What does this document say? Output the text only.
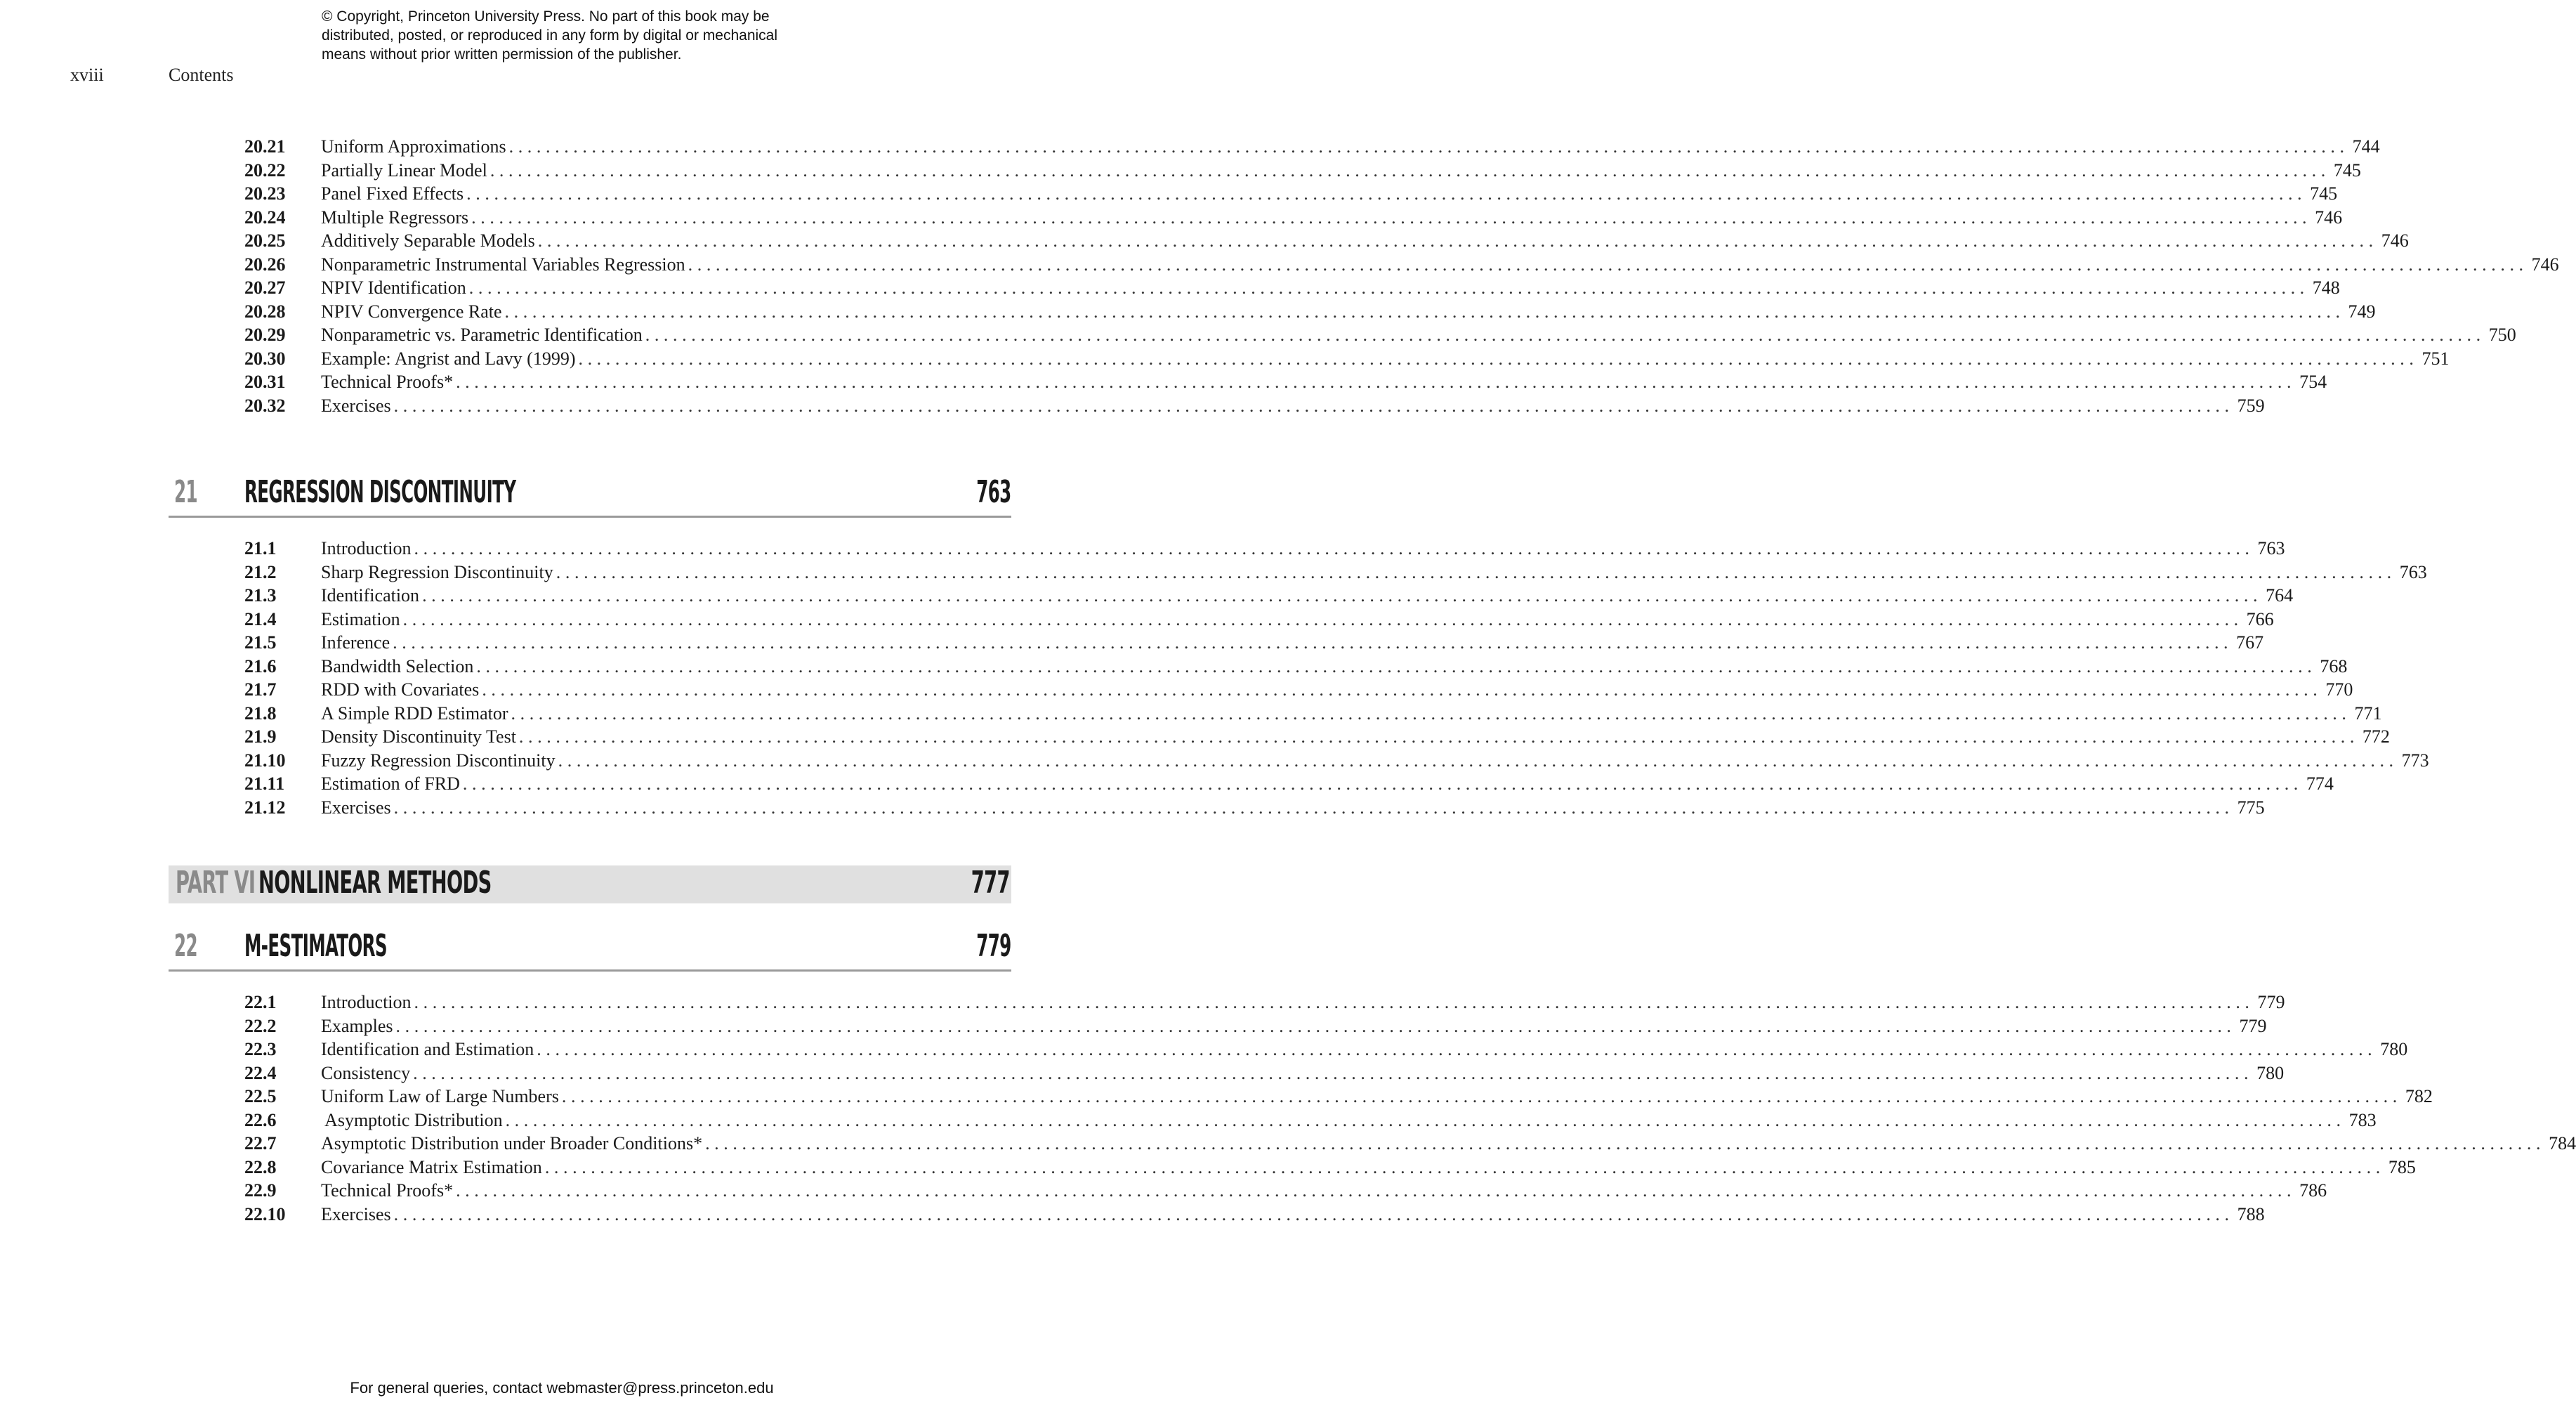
© Copyright, Princeton University Press. No part of this book may be
distributed, posted, or reproduced in any form by digital or mechanical
means without prior written permission of the publisher.
xviii	Contents
20.21	Uniform Approximations ........................................................................................................................................................................................................ 744
20.22	Partially Linear Model ........................................................................................................................................................................................................ 745
20.23	Panel Fixed Effects ........................................................................................................................................................................................................ 745
20.24	Multiple Regressors ........................................................................................................................................................................................................ 746
20.25	Additively Separable Models ........................................................................................................................................................................................................ 746
20.26	Nonparametric Instrumental Variables Regression ........................................................................................................................................................................................................ 746
20.27	NPIV Identification ........................................................................................................................................................................................................ 748
20.28	NPIV Convergence Rate ........................................................................................................................................................................................................ 749
20.29	Nonparametric vs. Parametric Identification ........................................................................................................................................................................................................ 750
20.30	Example: Angrist and Lavy (1999) ........................................................................................................................................................................................................ 751
20.31	Technical Proofs* ........................................................................................................................................................................................................ 754
20.32	Exercises ........................................................................................................................................................................................................ 759
21 REGRESSION DISCONTINUITY	763
21.1	Introduction ........................................................................................................................................................................................................ 763
21.2	Sharp Regression Discontinuity ........................................................................................................................................................................................................ 763
21.3	Identification ........................................................................................................................................................................................................ 764
21.4	Estimation ........................................................................................................................................................................................................ 766
21.5	Inference ........................................................................................................................................................................................................ 767
21.6	Bandwidth Selection ........................................................................................................................................................................................................ 768
21.7	RDD with Covariates ........................................................................................................................................................................................................ 770
21.8	A Simple RDD Estimator ........................................................................................................................................................................................................ 771
21.9	Density Discontinuity Test ........................................................................................................................................................................................................ 772
21.10	Fuzzy Regression Discontinuity ........................................................................................................................................................................................................ 773
21.11	Estimation of FRD ........................................................................................................................................................................................................ 774
21.12	Exercises ........................................................................................................................................................................................................ 775
PART VI NONLINEAR METHODS	777
22 M-ESTIMATORS	779
22.1	Introduction ........................................................................................................................................................................................................ 779
22.2	Examples ........................................................................................................................................................................................................ 779
22.3	Identification and Estimation ........................................................................................................................................................................................................ 780
22.4	Consistency ........................................................................................................................................................................................................ 780
22.5	Uniform Law of Large Numbers ........................................................................................................................................................................................................ 782
22.6	Asymptotic Distribution ........................................................................................................................................................................................................ 783
22.7	Asymptotic Distribution under Broader Conditions* ........................................................................................................................................................................................................ 784
22.8	Covariance Matrix Estimation ........................................................................................................................................................................................................ 785
22.9	Technical Proofs* ........................................................................................................................................................................................................ 786
22.10	Exercises ........................................................................................................................................................................................................ 788
For general queries, contact webmaster@press.princeton.edu
